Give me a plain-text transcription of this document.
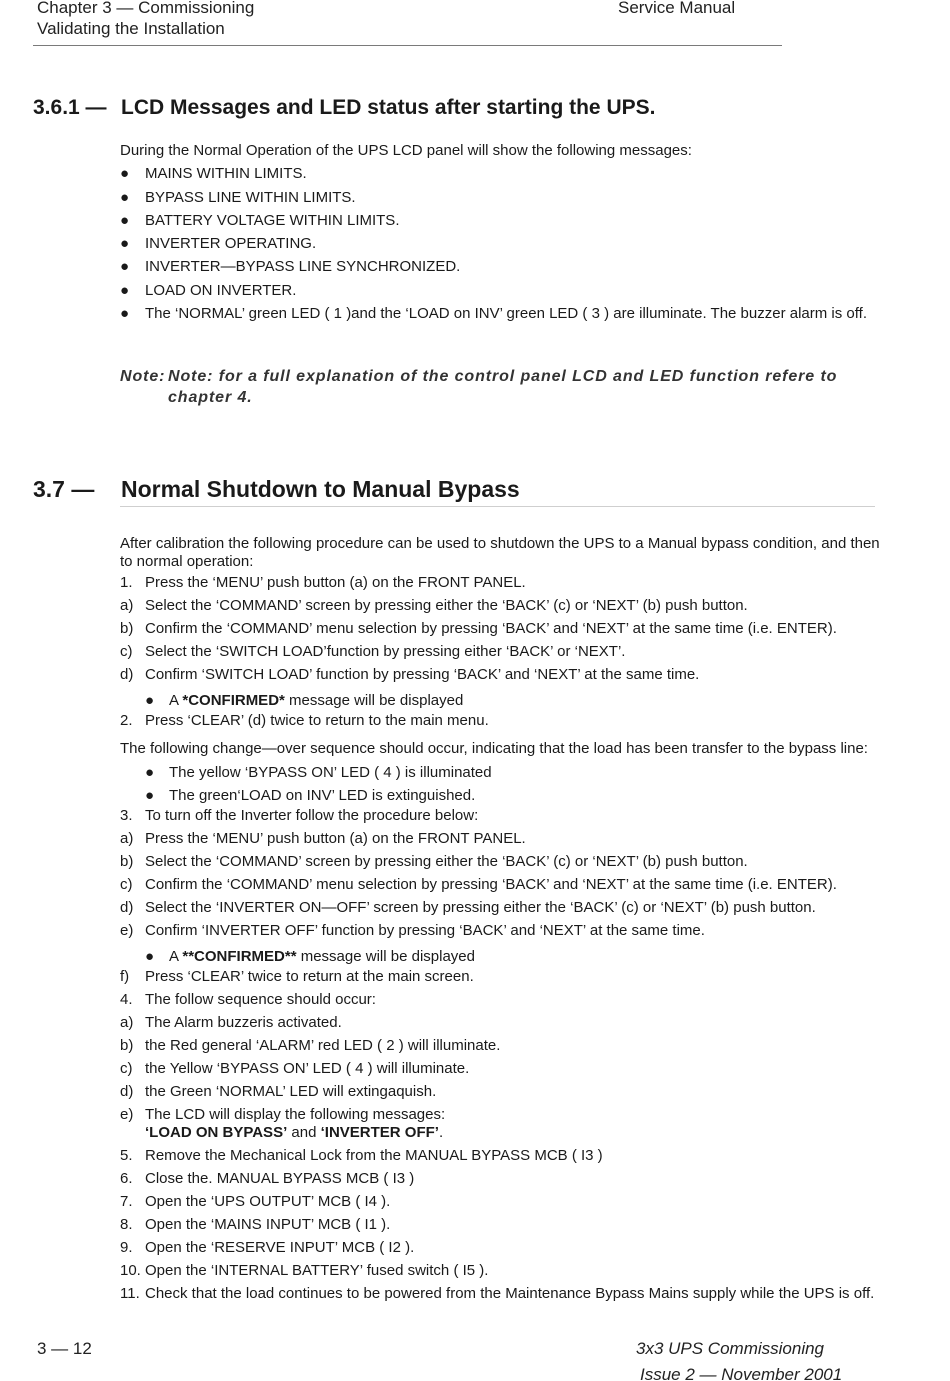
Chapter 3 — Commissioning
Validating the Installation
Service Manual
3.6.1 — LCD Messages and LED status after starting the UPS.
During the Normal Operation of the UPS LCD panel will show the following messages:
● MAINS WITHIN LIMITS.
● BYPASS LINE WITHIN LIMITS.
● BATTERY VOLTAGE WITHIN LIMITS.
● INVERTER OPERATING.
● INVERTER—BYPASS LINE SYNCHRONIZED.
● LOAD ON INVERTER.
● The ‘NORMAL’ green LED ( 1 )and the ‘LOAD on INV’ green LED ( 3 ) are illuminate. The buzzer alarm is off.
Note: Note: for a full explanation of the control panel LCD and LED function refere to chapter 4.
3.7 — Normal Shutdown to Manual Bypass
After calibration the following procedure can be used to shutdown the UPS to a Manual bypass condition, and then to normal operation:
1. Press the ‘MENU’ push button (a) on the FRONT PANEL.
a) Select the ‘COMMAND’ screen by pressing either the ‘BACK’ (c) or ‘NEXT’ (b) push button.
b) Confirm the ‘COMMAND’ menu selection by pressing ‘BACK’ and ‘NEXT’ at the same time (i.e. ENTER).
c) Select the ‘SWITCH LOAD’function by pressing either ‘BACK’ or ‘NEXT’.
d) Confirm ‘SWITCH LOAD’ function by pressing ‘BACK’ and ‘NEXT’ at the same time.
● A *CONFIRMED* message will be displayed
2. Press ‘CLEAR’ (d) twice to return to the main menu.
The following change—over sequence should occur, indicating that the load has been transfer to the bypass line:
● The yellow ‘BYPASS ON’ LED ( 4 ) is illuminated
● The green‘LOAD on INV’ LED is extinguished.
3. To turn off the Inverter follow the procedure below:
a) Press the ‘MENU’ push button (a) on the FRONT PANEL.
b) Select the ‘COMMAND’ screen by pressing either the ‘BACK’ (c) or ‘NEXT’ (b) push button.
c) Confirm the ‘COMMAND’ menu selection by pressing ‘BACK’ and ‘NEXT’ at the same time (i.e. ENTER).
d) Select the ‘INVERTER ON—OFF’ screen by pressing either the ‘BACK’ (c) or ‘NEXT’ (b) push button.
e) Confirm ‘INVERTER OFF’ function by pressing ‘BACK’ and ‘NEXT’ at the same time.
● A **CONFIRMED** message will be displayed
f) Press ‘CLEAR’ twice to return at the main screen.
4. The follow sequence should occur:
a) The Alarm buzzeris activated.
b) the Red general ‘ALARM’ red LED ( 2 ) will illuminate.
c) the Yellow ‘BYPASS ON’ LED ( 4 ) will illuminate.
d) the Green ‘NORMAL’ LED will extingaquish.
e) The LCD will display the following messages:
‘LOAD ON BYPASS’ and ‘INVERTER OFF’.
5. Remove the Mechanical Lock from the MANUAL BYPASS MCB ( I3 )
6. Close the. MANUAL BYPASS MCB ( I3 )
7. Open the ‘UPS OUTPUT’ MCB ( I4 ).
8. Open the ‘MAINS INPUT’ MCB ( I1 ).
9. Open the ‘RESERVE INPUT’ MCB ( I2 ).
10. Open the ‘INTERNAL BATTERY’ fused switch ( I5 ).
11. Check that the load continues to be powered from the Maintenance Bypass Mains supply while the UPS is off.
3 — 12	3x3 UPS Commissioning
Issue 2 — November 2001
